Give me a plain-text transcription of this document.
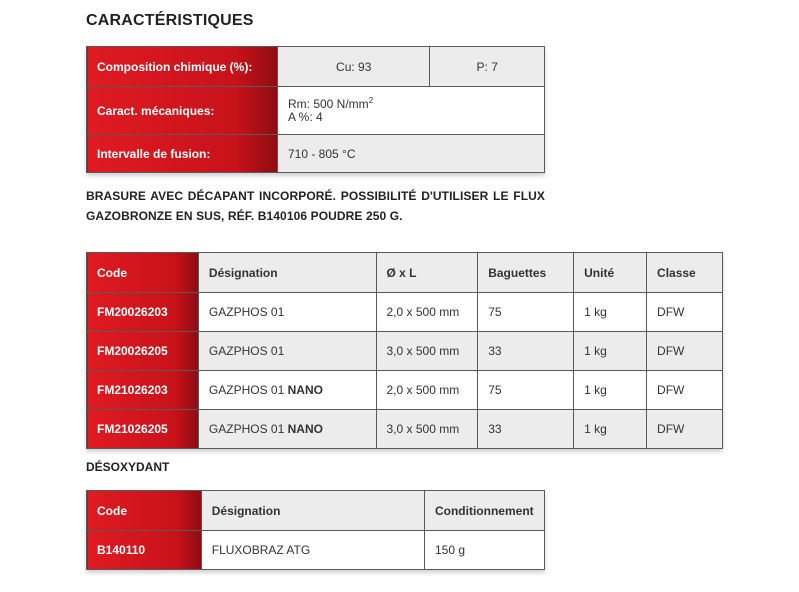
CARACTÉRISTIQUES
Composition chimique (%):	Cu: 93	P: 7
Caract. mécaniques:	Rm: 500 $N/mm^2$
A %: 4	

Intervalle de fusion:	710 - 805 °C	
BRASURE AVEC DÉCAPANT INCORPORÉ. POSSIBILITÉ D'UTILISER LE FLUX GAZOBRONZE EN SUS, RÉF. B140106 POUDRE 250 G.
Code	Désignation	Ø x L	Baguettes	Unité	Classe
FM20026203	GAZPHOS 01	2,0 x 500 mm	75	1 kg	DFW
FM20026205	GAZPHOS 01	3,0 x 500 mm	33	1 kg	DFW
FM21026203	GAZPHOS 01 NANO	2,0 x 500 mm	75	1 kg	DFW
FM21026205	GAZPHOS 01 NANO	3,0 x 500 mm	33	1 kg	DFW
DÉSOXYDANT
Code	Désignation	Conditionnement
B140110	FLUXOBRAZ ATG	150 g
